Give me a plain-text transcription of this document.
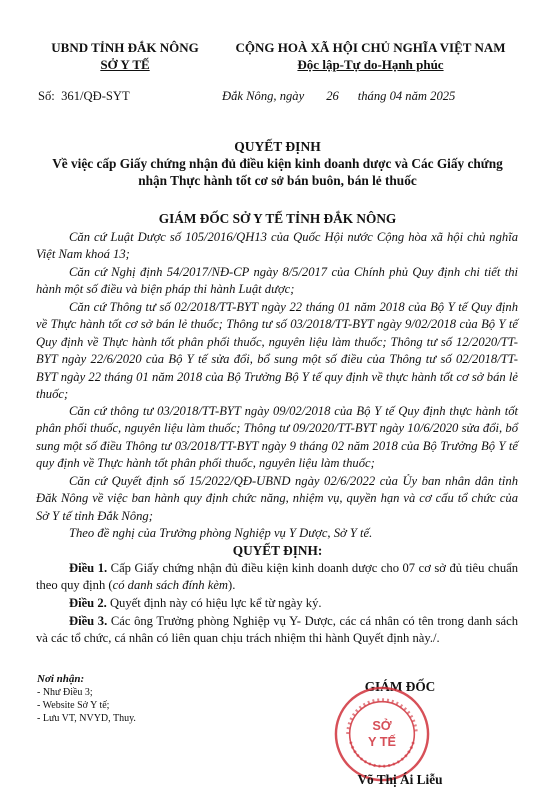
UBND TỈNH ĐẮK NÔNG
SỞ Y TẾ
CỘNG HOÀ XÃ HỘI CHỦ NGHĨA VIỆT NAM
Độc lập-Tự do-Hạnh phúc
Số: 361/QĐ-SYT	Đắk Nông, ngày 26 tháng 04 năm 2025
QUYẾT ĐỊNH
Về việc cấp Giấy chứng nhận đủ điều kiện kinh doanh dược và Các Giấy chứng
nhận Thực hành tốt cơ sở bán buôn, bán lẻ thuốc
GIÁM ĐỐC SỞ Y TẾ TỈNH ĐẮK NÔNG
Căn cứ Luật Dược số 105/2016/QH13 của Quốc Hội nước Cộng hòa xã hội chủ nghĩa Việt Nam khoá 13;
Căn cứ Nghị định 54/2017/NĐ-CP ngày 8/5/2017 của Chính phủ Quy định chi tiết thi hành một số điều và biện pháp thi hành Luật dược;
Căn cứ Thông tư số 02/2018/TT-BYT ngày 22 tháng 01 năm 2018 của Bộ Y tế Quy định về Thực hành tốt cơ sở bán lẻ thuốc; Thông tư số 03/2018/TT-BYT ngày 9/02/2018 của Bộ Y tế Quy định về Thực hành tốt phân phối thuốc, nguyên liệu làm thuốc; Thông tư số 12/2020/TT-BYT ngày 22/6/2020 của Bộ Y tế sửa đổi, bổ sung một số điều của Thông tư số 02/2018/TT-BYT ngày 22 tháng 01 năm 2018 của Bộ Trưởng Bộ Y tế quy định về thực hành tốt cơ sở bán lẻ thuốc;
Căn cứ thông tư 03/2018/TT-BYT ngày 09/02/2018 của Bộ Y tế Quy định thực hành tốt phân phối thuốc, nguyên liệu làm thuốc; Thông tư 09/2020/TT-BYT ngày 10/6/2020 sửa đổi, bổ sung một số điều Thông tư 03/2018/TT-BYT ngày 9 tháng 02 năm 2018 của Bộ Trưởng Bộ Y tế quy định về Thực hành tốt phân phối thuốc, nguyên liệu làm thuốc;
Căn cứ Quyết định số 15/2022/QĐ-UBND ngày 02/6/2022 của Ủy ban nhân dân tỉnh Đăk Nông về việc ban hành quy định chức năng, nhiệm vụ, quyền hạn và cơ cấu tổ chức của Sở Y tế tỉnh Đắk Nông;
Theo đề nghị của Trưởng phòng Nghiệp vụ Y Dược, Sở Y tế.
QUYẾT ĐỊNH:
Điều 1. Cấp Giấy chứng nhận đủ điều kiện kinh doanh dược cho 07 cơ sở đủ tiêu chuẩn theo quy định (có danh sách đính kèm).
Điều 2. Quyết định này có hiệu lực kể từ ngày ký.
Điều 3. Các ông Trưởng phòng Nghiệp vụ Y- Dược, các cá nhân có tên trong danh sách và các tổ chức, cá nhân có liên quan chịu trách nhiệm thi hành Quyết định này./.
Nơi nhận:
- Như Điều 3;
- Website Sở Y tế;
- Lưu VT, NVYD, Thuy.
GIÁM ĐỐC
SỞ
Y TẾ
Võ Thị Ái Liễu
